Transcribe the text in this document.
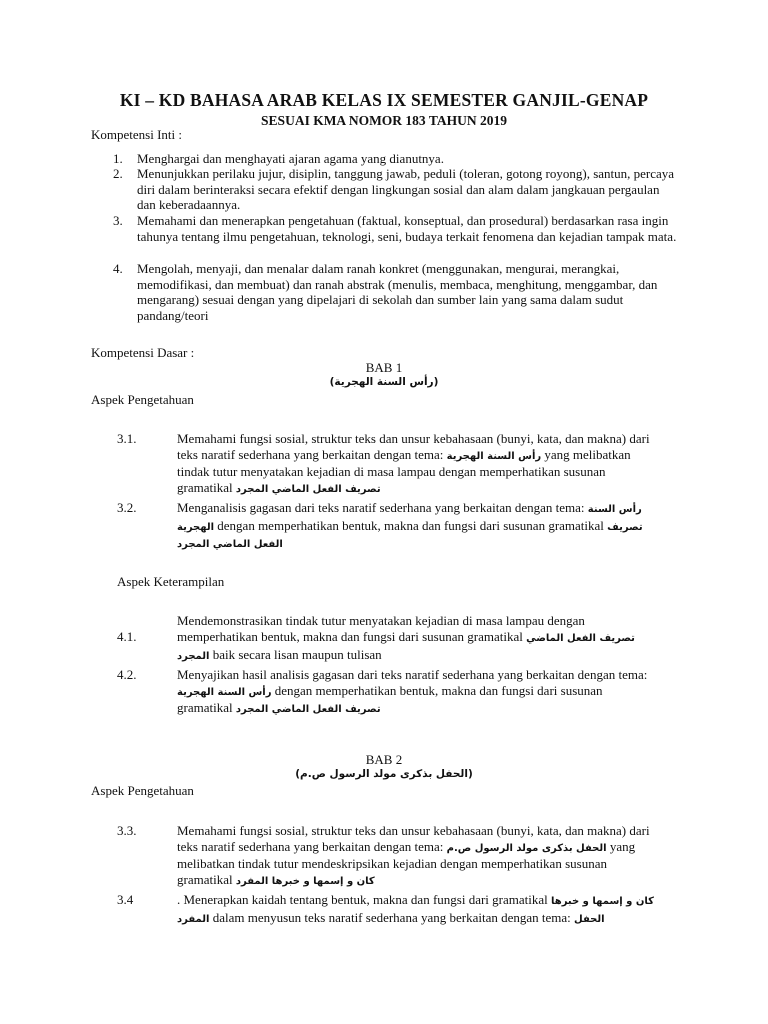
KI – KD BAHASA ARAB KELAS IX SEMESTER GANJIL-GENAP
SESUAI KMA NOMOR 183 TAHUN 2019
Kompetensi Inti :
1. Menghargai dan menghayati ajaran agama yang dianutnya.
2. Menunjukkan perilaku jujur, disiplin, tanggung jawab, peduli (toleran, gotong royong), santun, percaya diri dalam berinteraksi secara efektif dengan lingkungan sosial dan alam dalam jangkauan pergaulan dan keberadaannya.
3. Memahami dan menerapkan pengetahuan (faktual, konseptual, dan prosedural) berdasarkan rasa ingin tahunya tentang ilmu pengetahuan, teknologi, seni, budaya terkait fenomena dan kejadian tampak mata.
4. Mengolah, menyaji, dan menalar dalam ranah konkret (menggunakan, mengurai, merangkai, memodifikasi, dan membuat) dan ranah abstrak (menulis, membaca, menghitung, menggambar, dan mengarang) sesuai dengan yang dipelajari di sekolah dan sumber lain yang sama dalam sudut pandang/teori
Kompetensi Dasar :
BAB 1
(رأس السنة الهجرية)
Aspek Pengetahuan
3.1.	Memahami fungsi sosial, struktur teks dan unsur kebahasaan (bunyi, kata, dan makna) dari teks naratif sederhana yang berkaitan dengan tema: رأس السنة الهجرية yang melibatkan tindak tutur menyatakan kejadian di masa lampau dengan memperhatikan susunan gramatikal تصريف الفعل الماضي المجرد
3.2.	Menganalisis gagasan dari teks naratif sederhana yang berkaitan dengan tema: رأس السنة الهجرية dengan memperhatikan bentuk, makna dan fungsi dari susunan gramatikal تصريف الفعل الماضي المجرد
Aspek Keterampilan
Mendemonstrasikan tindak tutur menyatakan kejadian di masa lampau dengan
4.1.	memperhatikan bentuk, makna dan fungsi dari susunan gramatikal تصريف الفعل الماضي المجرد baik secara lisan maupun tulisan
4.2.	Menyajikan hasil analisis gagasan dari teks naratif sederhana yang berkaitan dengan tema: رأس السنة الهجرية dengan memperhatikan bentuk, makna dan fungsi dari susunan gramatikal تصريف الفعل الماضي المجرد
BAB 2
(الحفل بذكرى مولد الرسول ص.م)
Aspek Pengetahuan
3.3.	Memahami fungsi sosial, struktur teks dan unsur kebahasaan (bunyi, kata, dan makna) dari teks naratif sederhana yang berkaitan dengan tema: الحفل بذكرى مولد الرسول ص.م yang melibatkan tindak tutur mendeskripsikan kejadian dengan memperhatikan susunan gramatikal كان و إسمها و خبرها المفرد
3.4	. Menerapkan kaidah tentang bentuk, makna dan fungsi dari gramatikal كان و إسمها و خبرها المفرد dalam menyusun teks naratif sederhana yang berkaitan dengan tema: الحفل
